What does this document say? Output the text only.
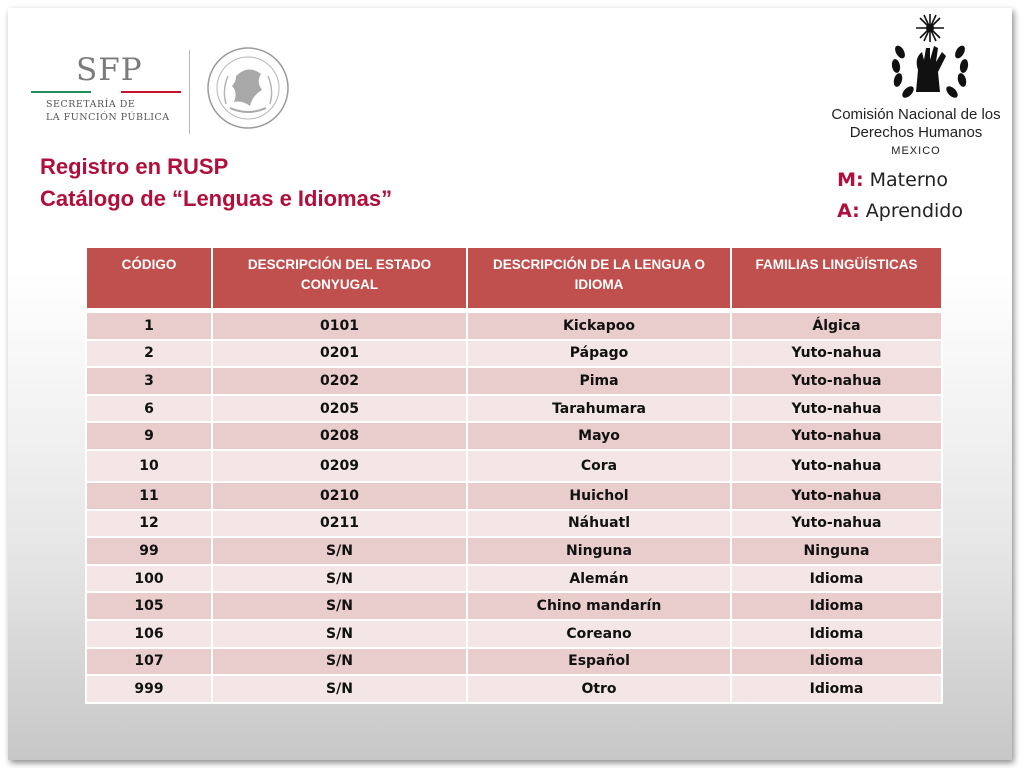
SFP
SECRETARÍA DE
LA FUNCIÓN PÚBLICA	Comisión Nacional de los
Derechos Humanos
MEXICO
Registro en RUSP
Catálogo de “Lenguas e Idiomas”
M: Materno
A: Aprendido
CÓDIGO	DESCRIPCIÓN DEL ESTADO CONYUGAL	DESCRIPCIÓN DE LA LENGUA O IDIOMA	FAMILIAS LINGÜÍSTICAS
1	0101	Kickapoo	Álgica
2	0201	Pápago	Yuto-nahua
3	0202	Pima	Yuto-nahua
6	0205	Tarahumara	Yuto-nahua
9	0208	Mayo	Yuto-nahua
10	0209	Cora	Yuto-nahua
11	0210	Huichol	Yuto-nahua
12	0211	Náhuatl	Yuto-nahua
99	S/N	Ninguna	Ninguna
100	S/N	Alemán	Idioma
105	S/N	Chino mandarín	Idioma
106	S/N	Coreano	Idioma
107	S/N	Español	Idioma
999	S/N	Otro	Idioma
